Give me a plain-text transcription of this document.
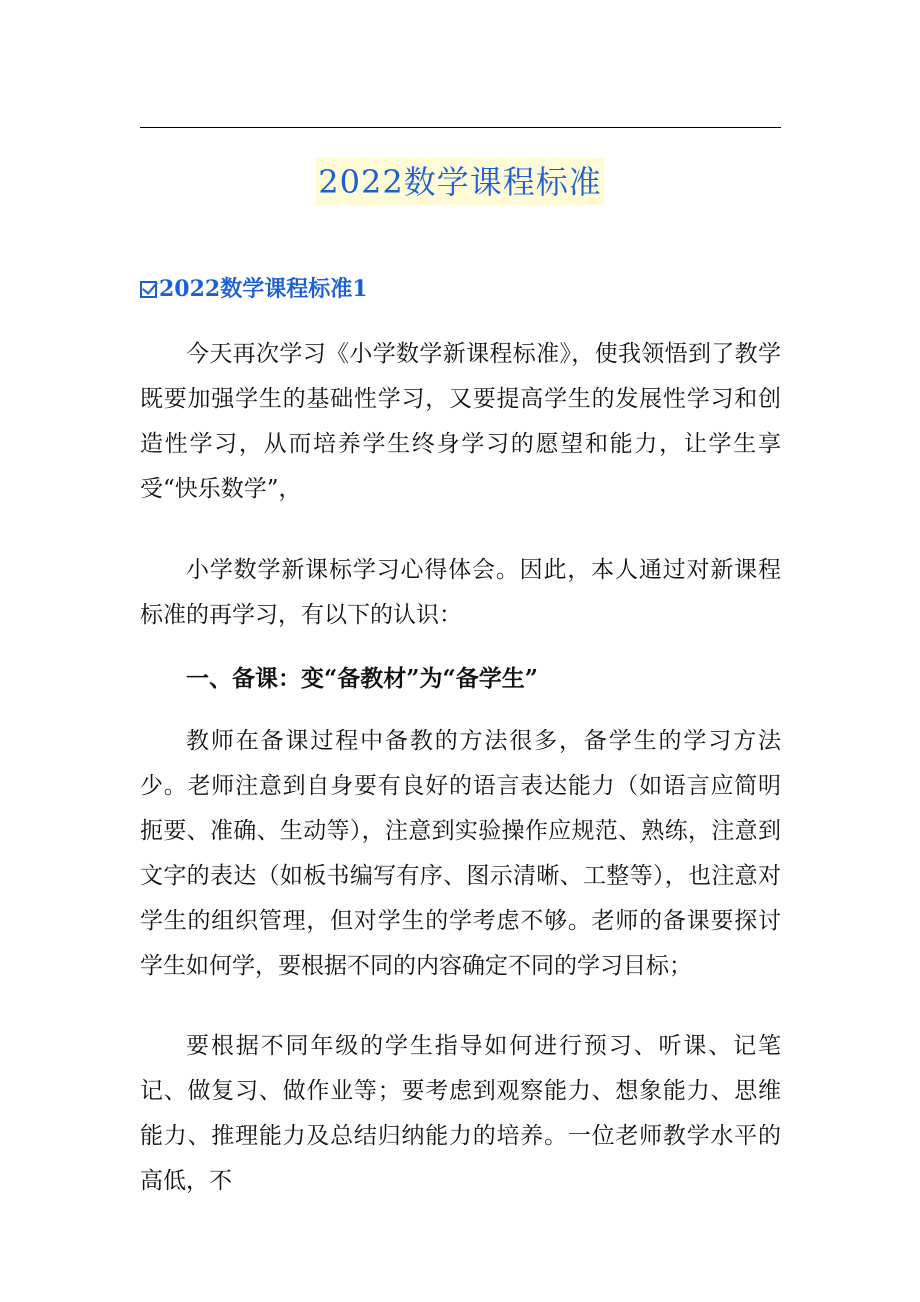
2022数学课程标准
2022数学课程标准1

今天再次学习《小学数学新课程标准》，使我领悟到了教学既要加强学生的基础性学习，又要提高学生的发展性学习和创造性学习，从而培养学生终身学习的愿望和能力，让学生享受“快乐数学”，

小学数学新课标学习心得体会。因此，本人通过对新课程标准的再学习，有以下的认识：

一、备课：变“备教材”为“备学生”

教师在备课过程中备教的方法很多，备学生的学习方法少。老师注意到自身要有良好的语言表达能力（如语言应简明扼要、准确、生动等），注意到实验操作应规范、熟练，注意到文字的表达（如板书编写有序、图示清晰、工整等），也注意对学生的组织管理，但对学生的学考虑不够。老师的备课要探讨学生如何学，要根据不同的内容确定不同的学习目标；

要根据不同年级的学生指导如何进行预习、听课、记笔记、做复习、做作业等；要考虑到观察能力、想象能力、思维能力、推理能力及总结归纳能力的培养。一位老师教学水平的高低，不
